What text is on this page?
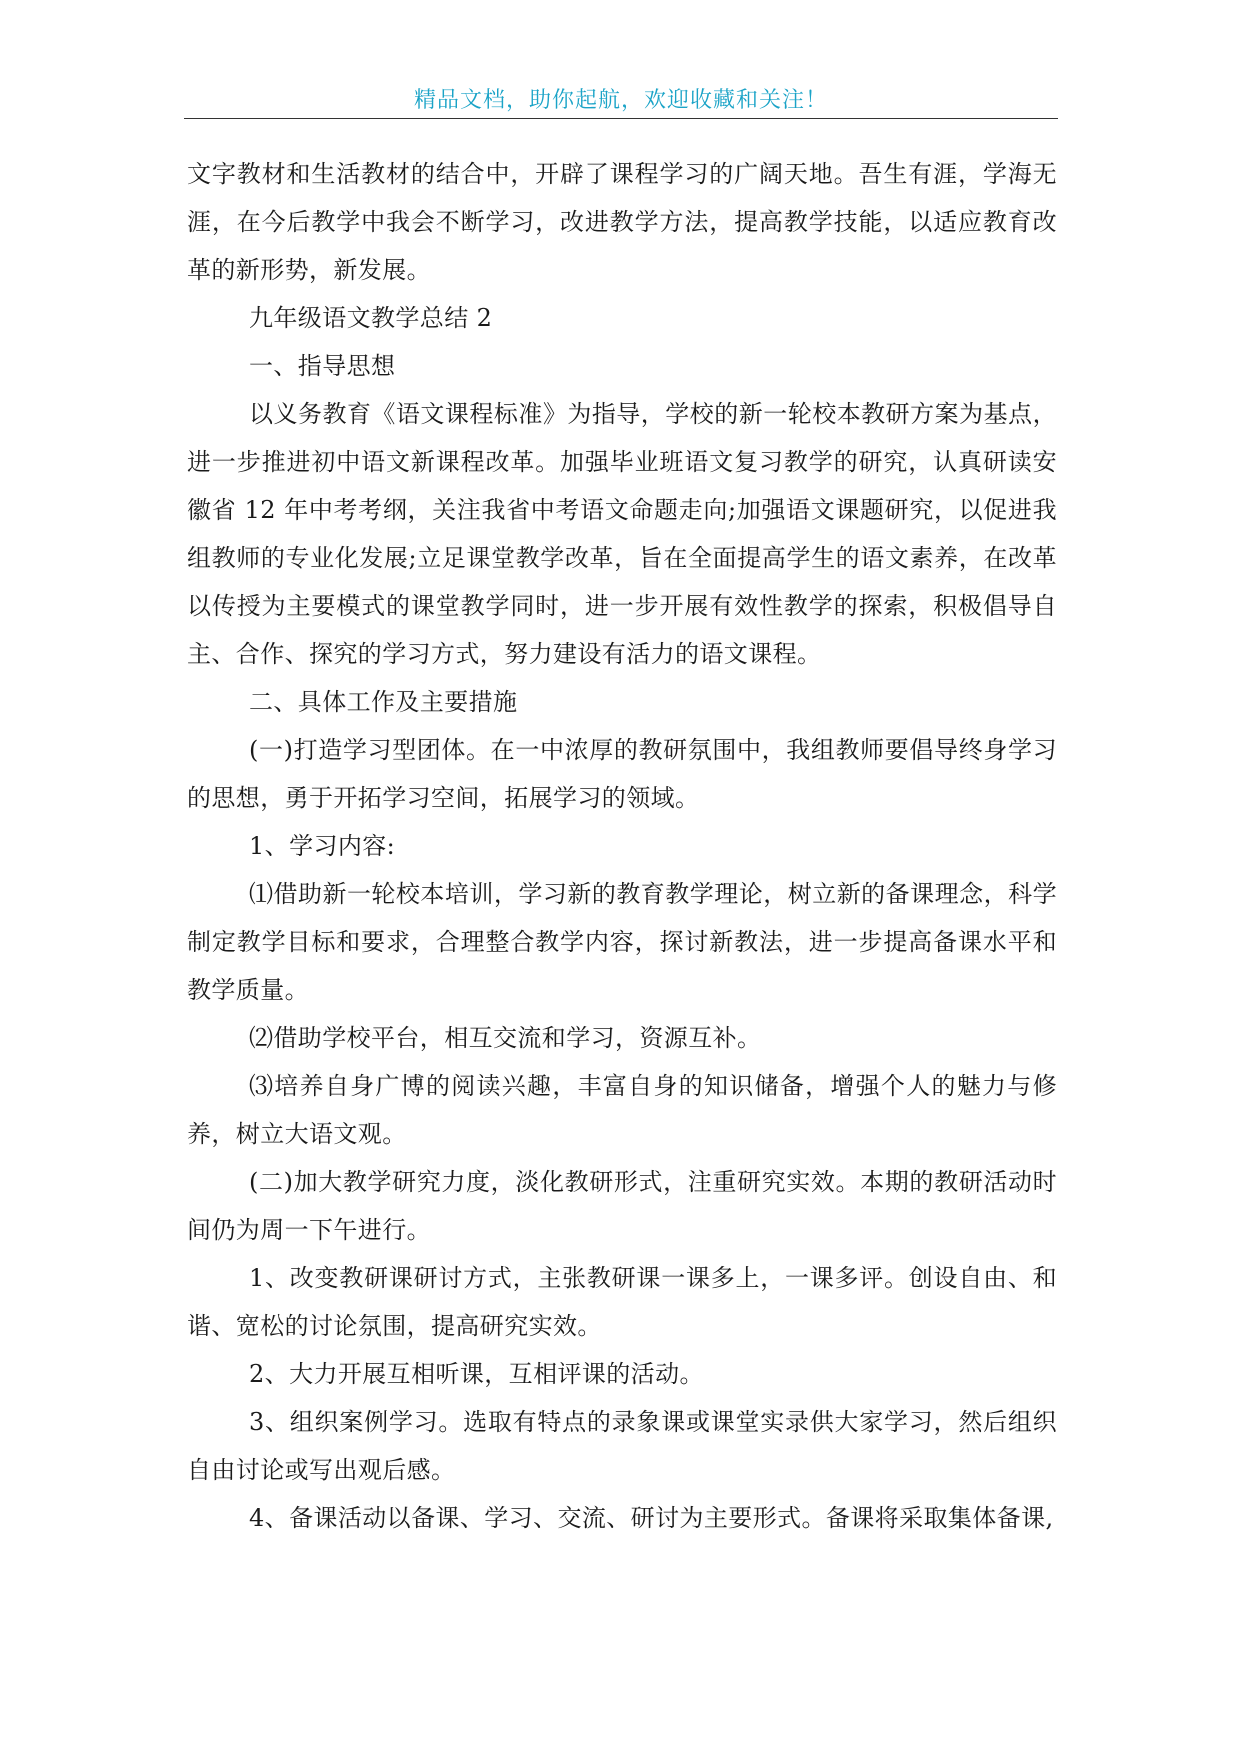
精品文档，助你起航，欢迎收藏和关注！

文字教材和生活教材的结合中，开辟了课程学习的广阔天地。吾生有涯，学海无涯，在今后教学中我会不断学习，改进教学方法，提高教学技能，以适应教育改革的新形势，新发展。

九年级语文教学总结 2

一、指导思想

以义务教育《语文课程标准》为指导，学校的新一轮校本教研方案为基点，进一步推进初中语文新课程改革。加强毕业班语文复习教学的研究，认真研读安徽省 12 年中考考纲，关注我省中考语文命题走向;加强语文课题研究，以促进我组教师的专业化发展;立足课堂教学改革，旨在全面提高学生的语文素养，在改革以传授为主要模式的课堂教学同时，进一步开展有效性教学的探索，积极倡导自主、合作、探究的学习方式，努力建设有活力的语文课程。

二、具体工作及主要措施

(一)打造学习型团体。在一中浓厚的教研氛围中，我组教师要倡导终身学习的思想，勇于开拓学习空间，拓展学习的领域。

1、学习内容:

⑴借助新一轮校本培训，学习新的教育教学理论，树立新的备课理念，科学制定教学目标和要求，合理整合教学内容，探讨新教法，进一步提高备课水平和教学质量。

⑵借助学校平台，相互交流和学习，资源互补。

⑶培养自身广博的阅读兴趣，丰富自身的知识储备，增强个人的魅力与修养，树立大语文观。

(二)加大教学研究力度，淡化教研形式，注重研究实效。本期的教研活动时间仍为周一下午进行。

1、改变教研课研讨方式，主张教研课一课多上，一课多评。创设自由、和谐、宽松的讨论氛围，提高研究实效。

2、大力开展互相听课，互相评课的活动。

3、组织案例学习。选取有特点的录象课或课堂实录供大家学习，然后组织自由讨论或写出观后感。

4、备课活动以备课、学习、交流、研讨为主要形式。备课将采取集体备课,
